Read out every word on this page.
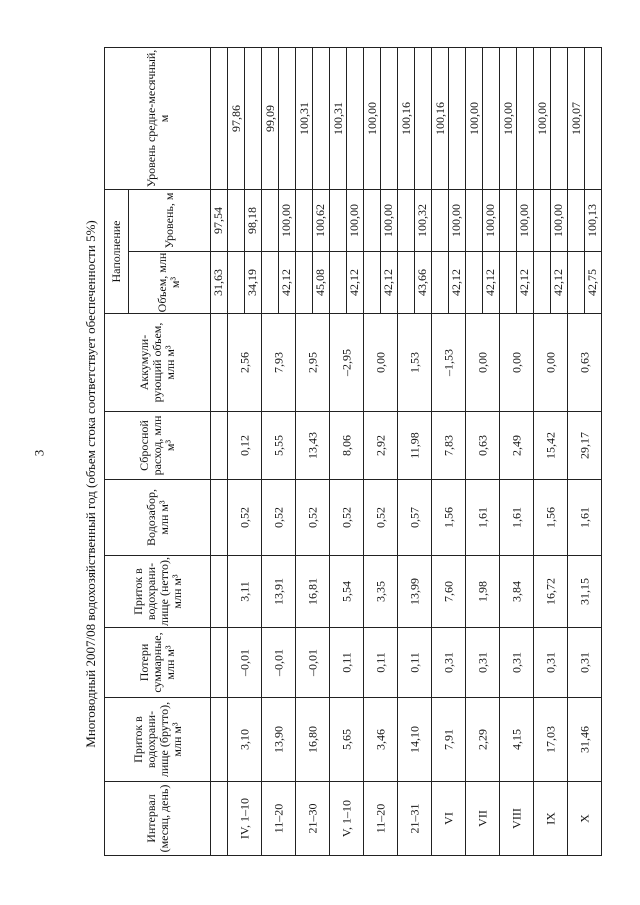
3	Многоводный 2007/08 водохозяйственный год (объем стока соответствует обеспеченности 5%)
Интервал (месяц, день)	Приток в водохрани-лище (брутто), млн м³	Потери суммарные, млн м³	Приток в водохрани-лище (нетто), млн м³	Водозабор, млн м³	Сбросной расход, млн м³	Аккумули-рующий объем, млн м³	Наполнение		Уровень средне-месячный, м
							Объем, млн м³	Уровень, м	

							31,63	97,54	

IV, 1–10	3,10	–0,01	3,11	0,52	0,12	2,56			97,86

							34,19	98,18	

11–20	13,90	–0,01	13,91	0,52	5,55	7,93			99,09

							42,12	100,00	

21–30	16,80	–0,01	16,81	0,52	13,43	2,95			100,31

							45,08	100,62	

V, 1–10	5,65	0,11	5,54	0,52	8,06	–2,95			100,31

							42,12	100,00	

11–20	3,46	0,11	3,35	0,52	2,92	0,00			100,00

							42,12	100,00	

21–31	14,10	0,11	13,99	0,57	11,98	1,53			100,16

							43,66	100,32	

VI	7,91	0,31	7,60	1,56	7,83	–1,53			100,16

							42,12	100,00	

VII	2,29	0,31	1,98	1,61	0,63	0,00			100,00

							42,12	100,00	

VIII	4,15	0,31	3,84	1,61	2,49	0,00			100,00

							42,12	100,00	

IX	17,03	0,31	16,72	1,56	15,42	0,00			100,00

							42,12	100,00	

X	31,46	0,31	31,15	1,61	29,17	0,63			100,07

							42,75	100,13	
